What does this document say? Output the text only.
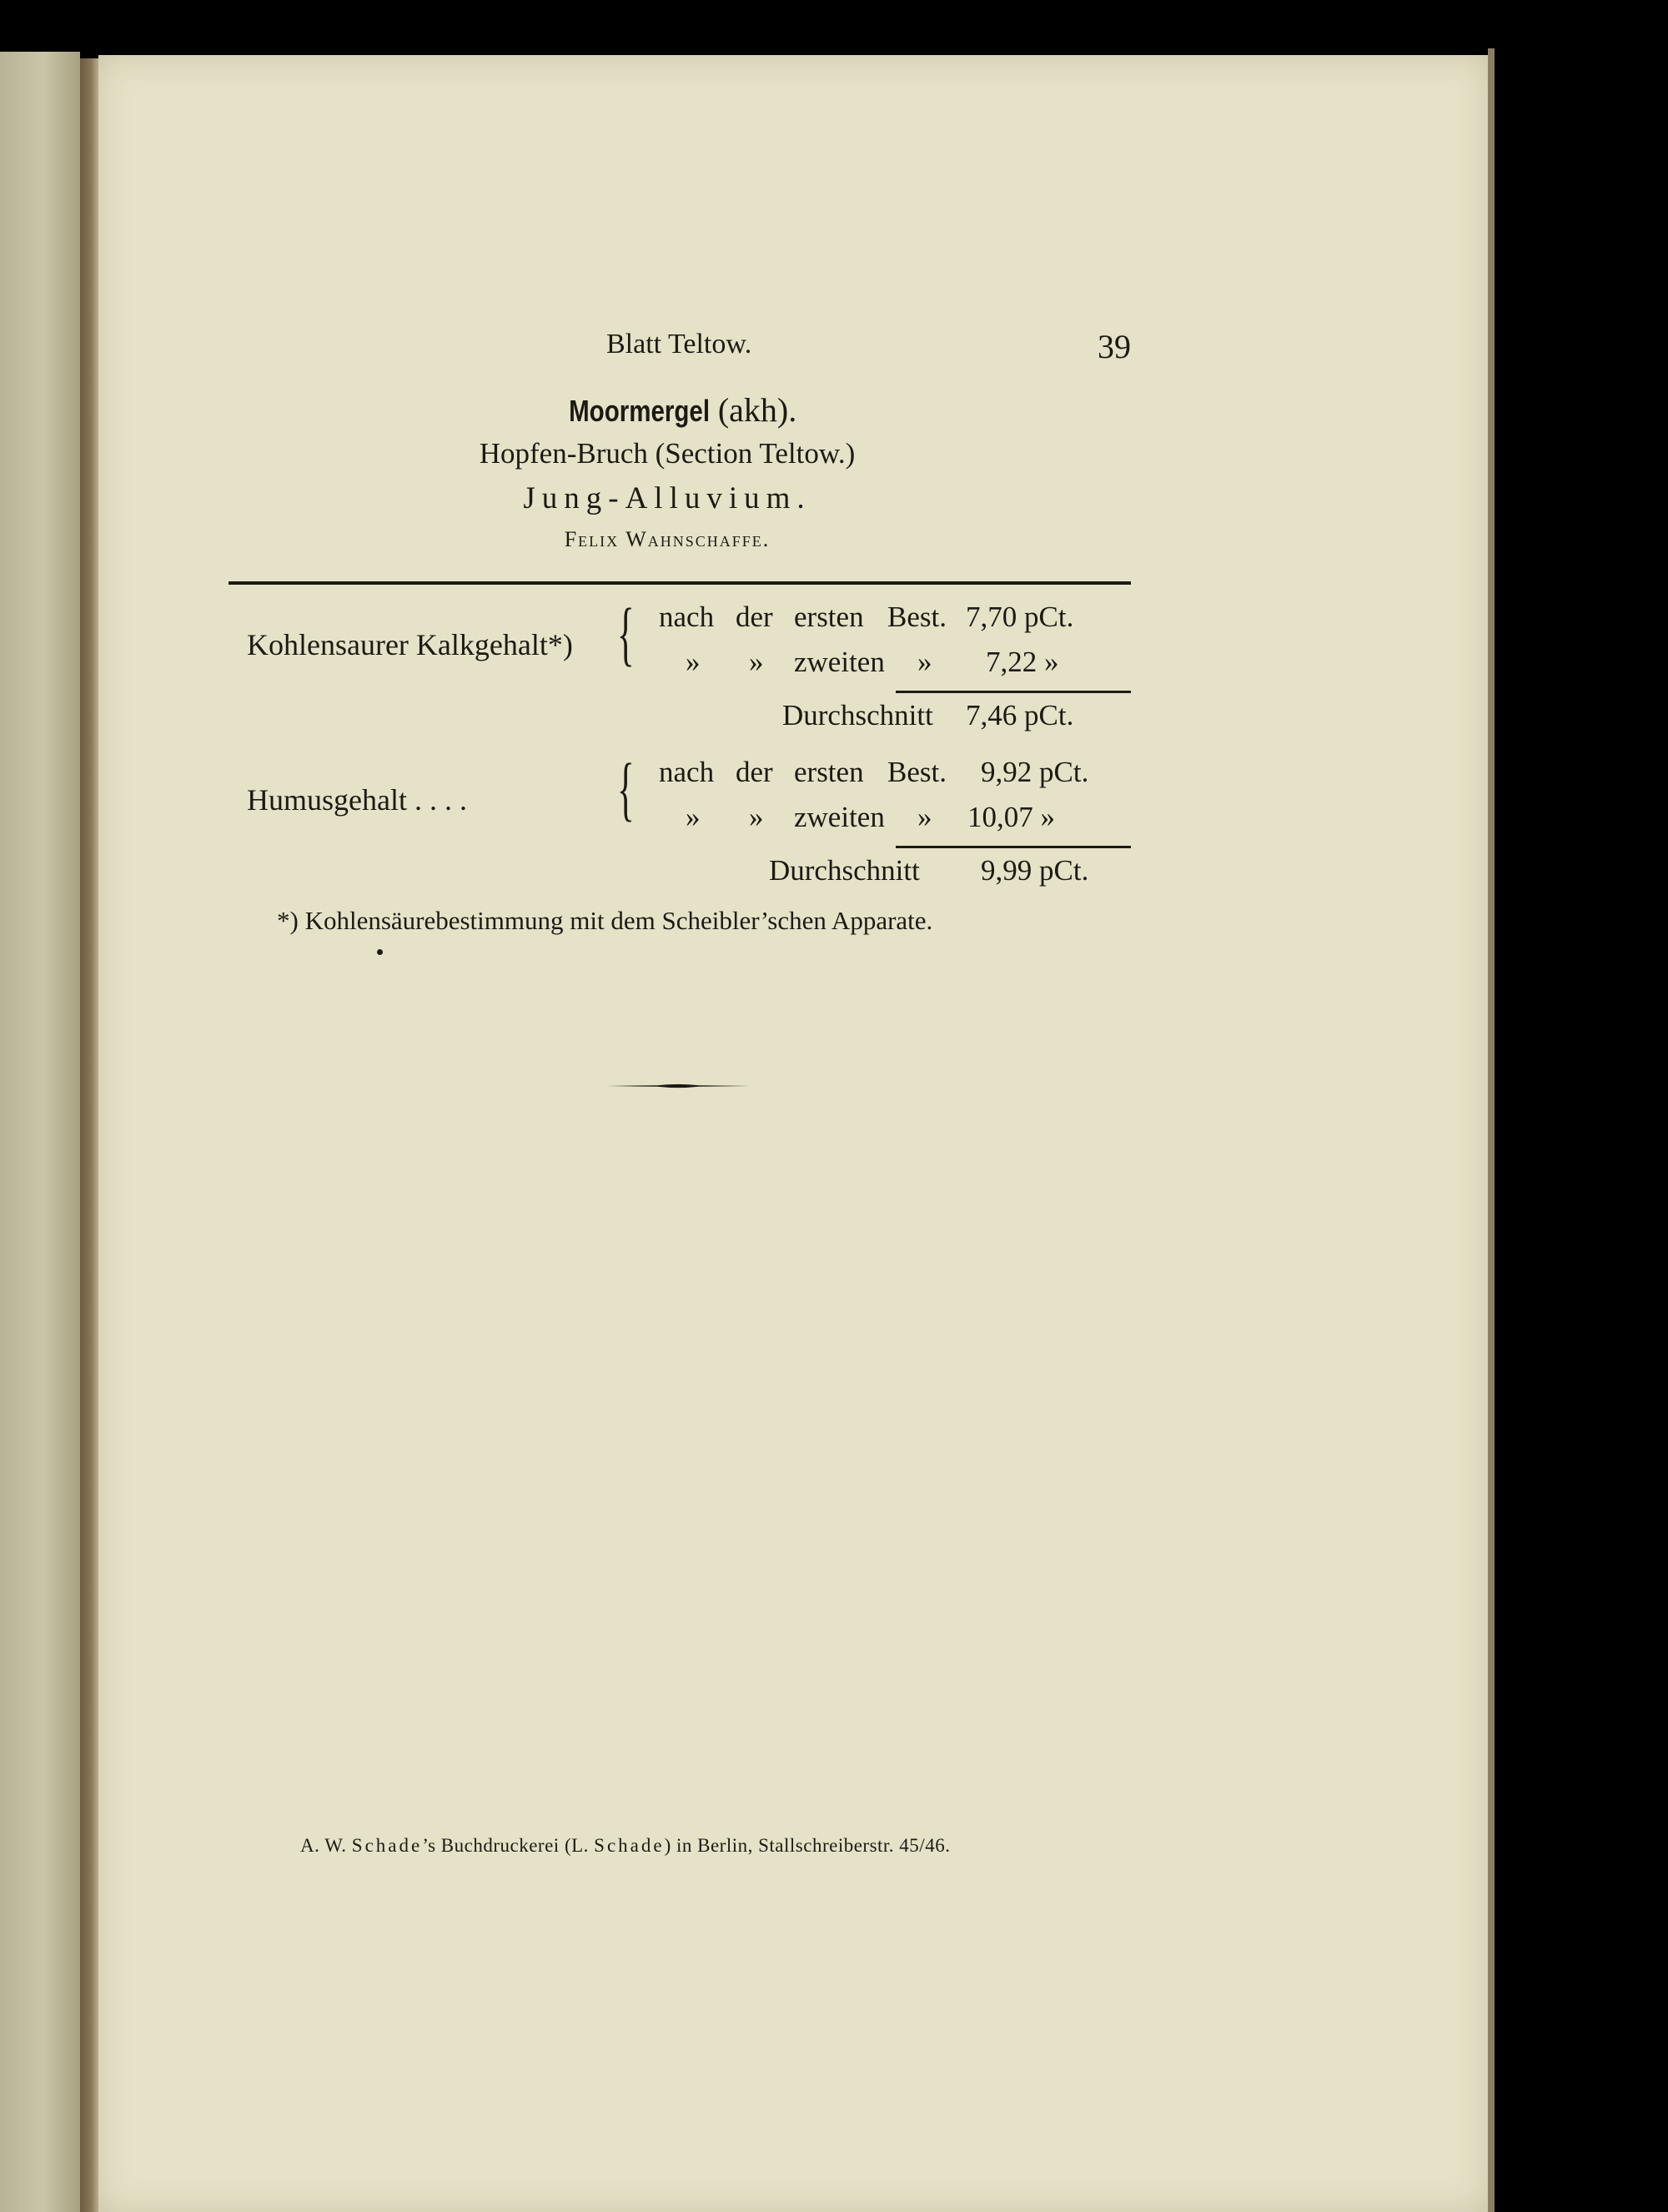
Blatt Teltow.	39
Moormergel (akh).
Hopfen-Bruch (Section Teltow.)
Jung-Alluvium.
Felix Wahnschaffe.
Kohlensaurer Kalkgehalt*) { nach der ersten Best. 7,70 pCt.
» » zweiten » 7,22 »
Durchschnitt 7,46 pCt.
Humusgehalt . . . . { nach der ersten Best. 9,92 pCt.
» » zweiten » 10,07 »
Durchschnitt 9,99 pCt.
*) Kohlensäurebestimmung mit dem Scheibler’schen Apparate.
A. W. Schade’s Buchdruckerei (L. Schade) in Berlin, Stallschreiberstr. 45/46.
